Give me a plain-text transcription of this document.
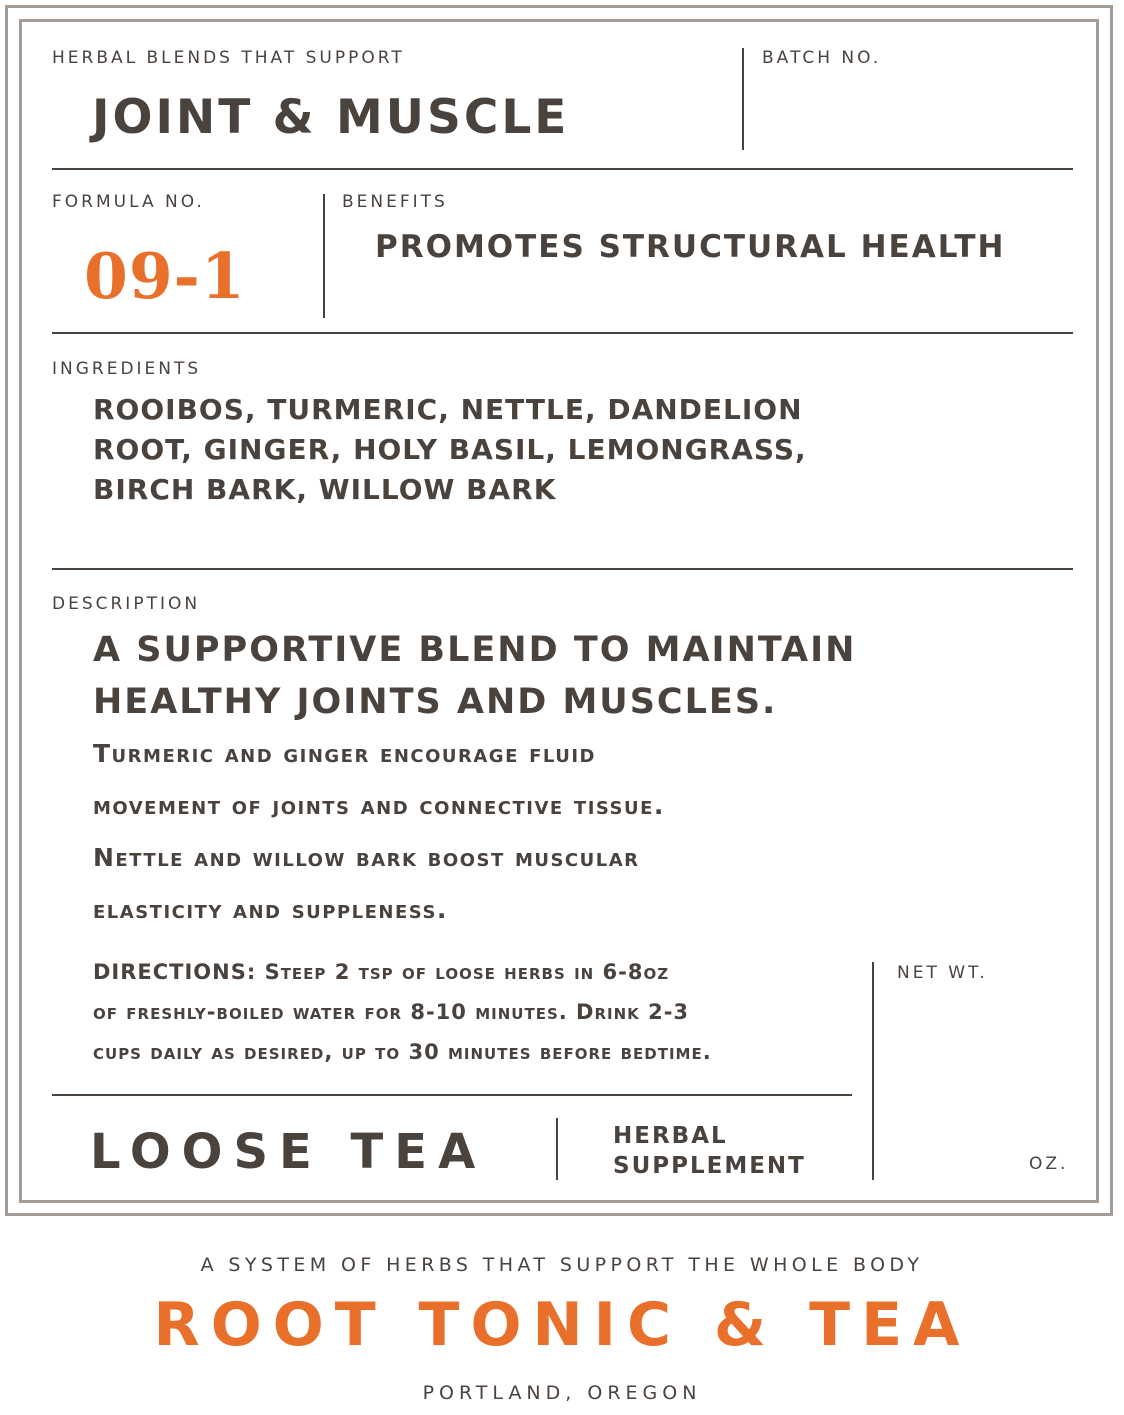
HERBAL BLENDS THAT SUPPORT
JOINT & MUSCLE
BATCH NO.
FORMULA NO.
09-1
BENEFITS
PROMOTES STRUCTURAL HEALTH
INGREDIENTS
ROOIBOS, TURMERIC, NETTLE, DANDELION
ROOT, GINGER, HOLY BASIL, LEMONGRASS,
BIRCH BARK, WILLOW BARK
DESCRIPTION
A SUPPORTIVE BLEND TO MAINTAIN
HEALTHY JOINTS AND MUSCLES.
Turmeric and ginger encourage fluid
movement of joints and connective tissue.
Nettle and willow bark boost muscular
elasticity and suppleness.
DIRECTIONS: Steep 2 tsp of loose herbs in 6-8oz
of freshly-boiled water for 8-10 minutes. Drink 2-3
cups daily as desired, up to 30 minutes before bedtime.
NET WT.
OZ.
LOOSE TEA	HERBAL
SUPPLEMENT
A SYSTEM OF HERBS THAT SUPPORT THE WHOLE BODY
ROOT TONIC & TEA
PORTLAND, OREGON
